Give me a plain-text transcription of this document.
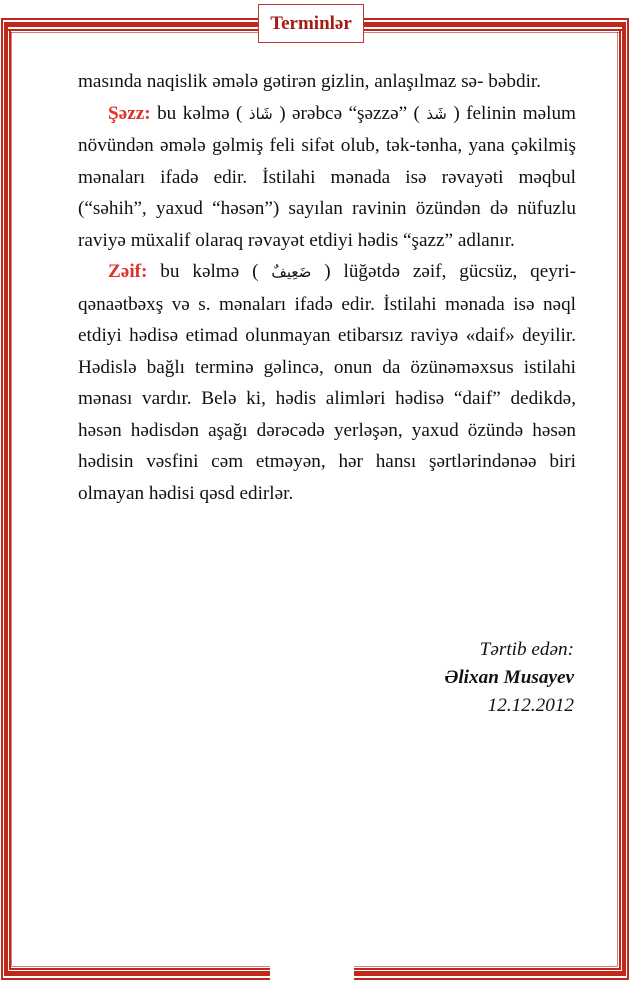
Terminlər

masında naqislik əmələ gətirən gizlin, anlaşılmaz sə- bəbdir.

Şəzz: bu kəlmə ( شَاذ ) ərəbcə “şəzzə” ( شَذ ) felinin məlum növündən əmələ gəlmiş feli sifət olub, tək-tənha, yana çəkilmiş mənaları ifadə edir. İstilahi mənada isə rəvayəti məqbul (“səhih”, yaxud “həsən”) sayılan ravinin özündən də nüfuzlu raviyə müxalif olaraq rəvayət etdiyi hədis “şazz” adlanır.

Zəif: bu kəlmə ( ضَعِيفٌ ) lüğətdə zəif, gücsüz, qeyri-qənaətbəxş və s. mənaları ifadə edir. İstilahi mənada isə nəql etdiyi hədisə etimad olunmayan etibarsız raviyə «daif» deyilir. Hədislə bağlı terminə gəlincə, onun da özünəməxsus istilahi mənası vardır. Belə ki, hədis alimləri hədisə “daif” dedikdə, həsən hədisdən aşağı dərəcədə yerləşən, yaxud özündə həsən hədisin vəsfini cəm etməyən, hər hansı şərtlərindənəə biri olmayan hədisi qəsd edirlər.

Tərtib edən:
Əlixan Musayev
12.12.2012
